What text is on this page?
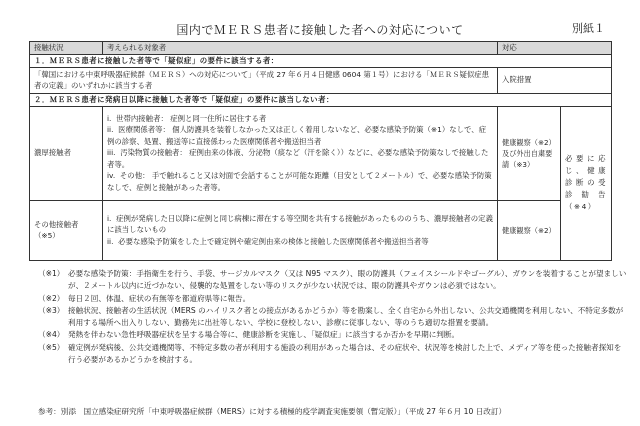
国内でＭＥＲＳ患者に接触した者への対応について	別紙１
接触状況	考えられる対象者	対応	
１．ＭＥＲＳ患者に接触した者等で「疑似症」の要件に該当する者：			
「韓国における中東呼吸器症候群（ＭＥＲＳ）への対応について」（平成 27 年６月４日健感 0604 第１号）における「ＭＥＲＳ疑似症患者の定義」のいずれかに該当する者		入院措置	
２．ＭＥＲＳ患者に発病日以降に接触した者等で「疑似症」の要件に該当しない者：			
濃厚接触者	i. 世帯内接触者： 症例と同一住所に居住する者
ii. 医療関係者等： 個人防護具を装着しなかった又は正しく着用しないなど、必要な感染予防策（※1）なしで、症例の診察、処置、搬送等に直接係わった医療関係者や搬送担当者
iii. 汚染物質の接触者： 症例由来の体液、分泌物（痰など（汗を除く））などに、必要な感染予防策なしで接触した者等。
iv. その他： 手で触れること又は対面で会話することが可能な距離（目安として２メートル）で、必要な感染予防策なしで、症例と接触があった者等。	健康観察（※2）及び外出自粛要請（※3）	必要に応じ、健康診断の受診勧告（※4）
その他接触者（※5）	i. 症例が発病した日以降に症例と同じ病棟に滞在する等空間を共有する接触があったもののうち、濃厚接触者の定義に該当しないもの
ii. 必要な感染予防策をした上で確定例や確定例由来の検体と接触した医療関係者や搬送担当者等	健康観察（※2）	
（※1） 必要な感染予防策：手指衛生を行う、手袋、サージカルマスク（又は N95 マスク）、眼の防護具（フェイスシールドやゴーグル）、ガウンを装着することが望ましいが、２メートル以内に近づかない、侵襲的な処置をしない等のリスクが少ない状況では、眼の防護具やガウンは必須ではない。
（※2） 毎日２回、体温、症状の有無等を都道府県等に報告。
（※3） 接触状況、接触者の生活状況（MERS のハイリスク者との接点があるかどうか）等を勘案し、全く自宅から外出しない、公共交通機関を利用しない、不特定多数が利用する場所へ出入りしない、勤務先に出社等しない、学校に登校しない、診療に従事しない、等のうち適切な措置を要請。
（※4） 発熱を伴わない急性呼吸器症状を呈する場合等に、健康診断を実施し、「疑似症」に該当するか否かを早期に判断。
（※5） 確定例が発病後、公共交通機関等、不特定多数の者が利用する施設の利用があった場合は、その症状や、状況等を検討した上で、メディア等を使った接触者探知を行う必要があるかどうかを検討する。
参考：別添　国立感染症研究所「中東呼吸器症候群（MERS）に対する積極的疫学調査実施要領（暫定版）」（平成 27 年６月 10 日改訂）
